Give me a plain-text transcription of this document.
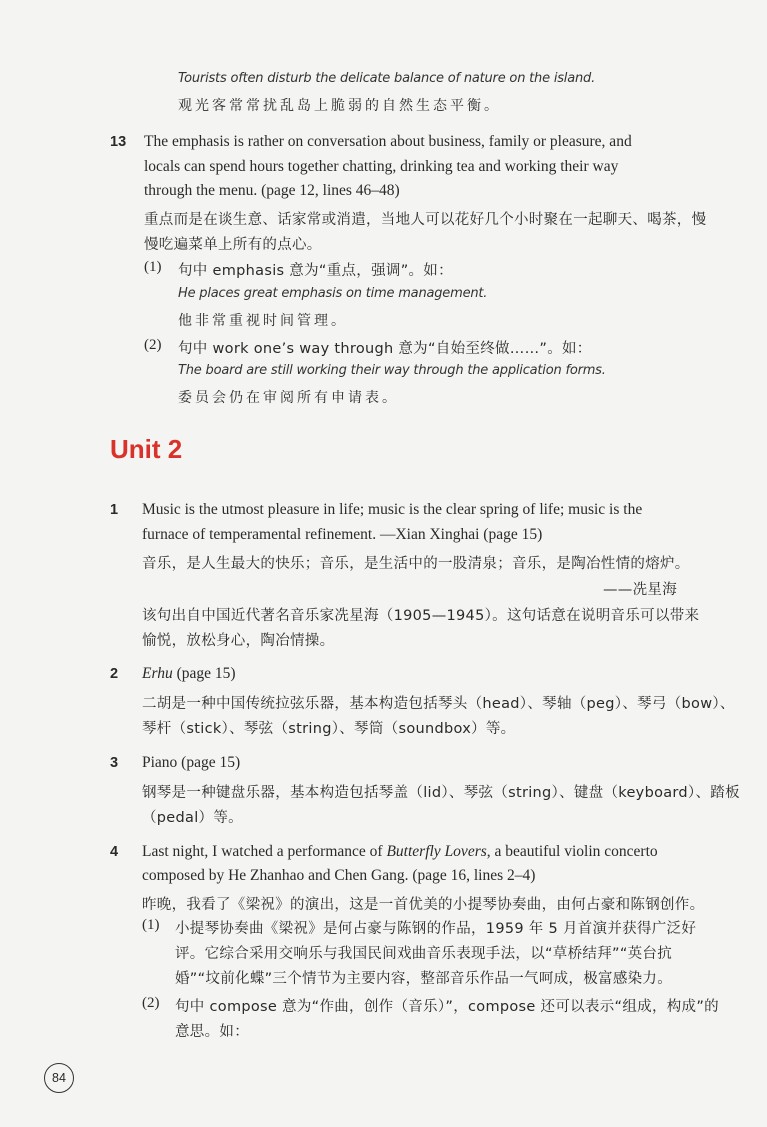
Tourists often disturb the delicate balance of nature on the island.
观光客常常扰乱岛上脆弱的自然生态平衡。
13 The emphasis is rather on conversation about business, family or pleasure, and
locals can spend hours together chatting, drinking tea and working their way
through the menu. (page 12, lines 46–48)
重点而是在谈生意、话家常或消遣，当地人可以花好几个小时聚在一起聊天、喝茶，慢
慢吃遍菜单上所有的点心。
(1) 句中 emphasis 意为“重点，强调”。如：
He places great emphasis on time management.
他非常重视时间管理。
(2) 句中 work one’s way through 意为“自始至终做……”。如：
The board are still working their way through the application forms.
委员会仍在审阅所有申请表。
Unit 2
1 Music is the utmost pleasure in life; music is the clear spring of life; music is the
furnace of temperamental refinement. —Xian Xinghai (page 15)
音乐，是人生最大的快乐；音乐，是生活中的一股清泉；音乐，是陶冶性情的熔炉。
——冼星海
该句出自中国近代著名音乐家冼星海（1905—1945）。这句话意在说明音乐可以带来
愉悦，放松身心，陶冶情操。
2 Erhu (page 15)
二胡是一种中国传统拉弦乐器，基本构造包括琴头（head）、琴轴（peg）、琴弓（bow）、
琴杆（stick）、琴弦（string）、琴筒（soundbox）等。
3 Piano (page 15)
钢琴是一种键盘乐器，基本构造包括琴盖（lid）、琴弦（string）、键盘（keyboard）、踏板
（pedal）等。
4 Last night, I watched a performance of Butterfly Lovers, a beautiful violin concerto
composed by He Zhanhao and Chen Gang. (page 16, lines 2–4)
昨晚，我看了《梁祝》的演出，这是一首优美的小提琴协奏曲，由何占豪和陈钢创作。
(1) 小提琴协奏曲《梁祝》是何占豪与陈钢的作品，1959 年 5 月首演并获得广泛好
评。它综合采用交响乐与我国民间戏曲音乐表现手法，以“草桥结拜”“英台抗
婚”“坟前化蝶”三个情节为主要内容，整部音乐作品一气呵成，极富感染力。
(2) 句中 compose 意为“作曲，创作（音乐）”，compose 还可以表示“组成，构成”的
意思。如：
84
